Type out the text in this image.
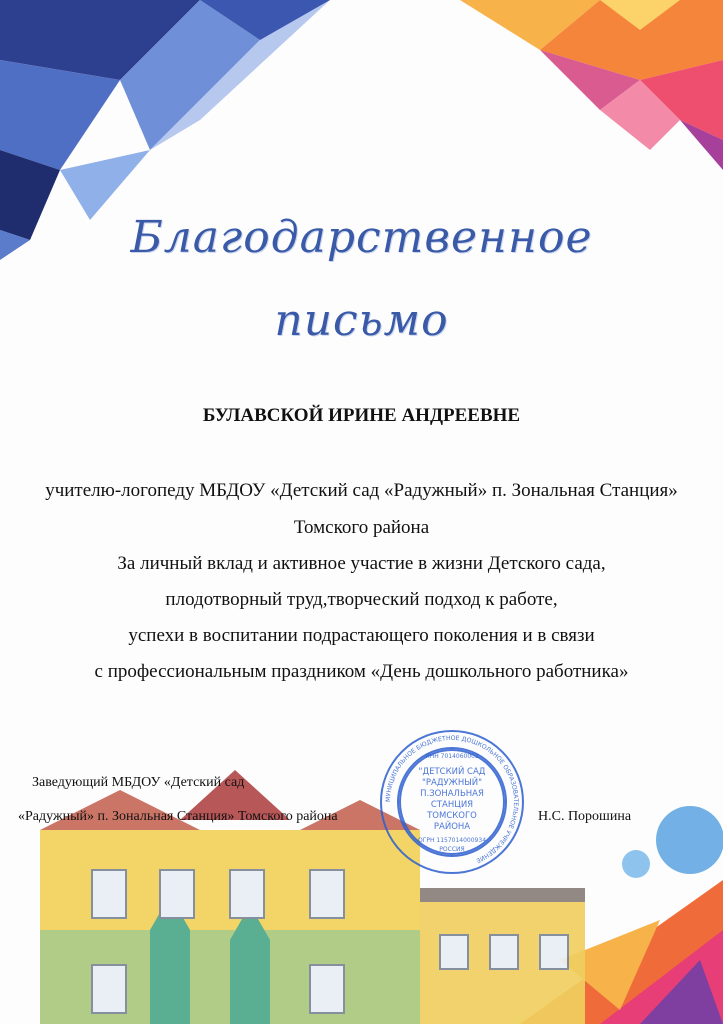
Благодарственное
письмо
БУЛАВСКОЙ ИРИНЕ АНДРЕЕВНЕ
учителю-логопеду МБДОУ «Детский сад «Радужный» п. Зональная Станция»
Томского района
За личный вклад и активное участие в жизни Детского сада,
плодотворный труд,творческий подход к работе,
успехи в воспитании подрастающего поколения и в связи
с профессиональным праздником «День дошкольного работника»
Заведующий МБДОУ «Детский сад
«Радужный» п. Зональная Станция» Томского района	Н.С. Порошина
МУНИЦИПАЛЬНОЕ БЮДЖЕТНОЕ ДОШКОЛЬНОЕ ОБРАЗОВАТЕЛЬНОЕ УЧРЕЖДЕНИЕ
ИНН 7014060002
"ДЕТСКИЙ САД
"РАДУЖНЫЙ"
П.ЗОНАЛЬНАЯ
СТАНЦИЯ
ТОМСКОГО
РАЙОНА
ОГРН 1157014000934
РОССИЯ
